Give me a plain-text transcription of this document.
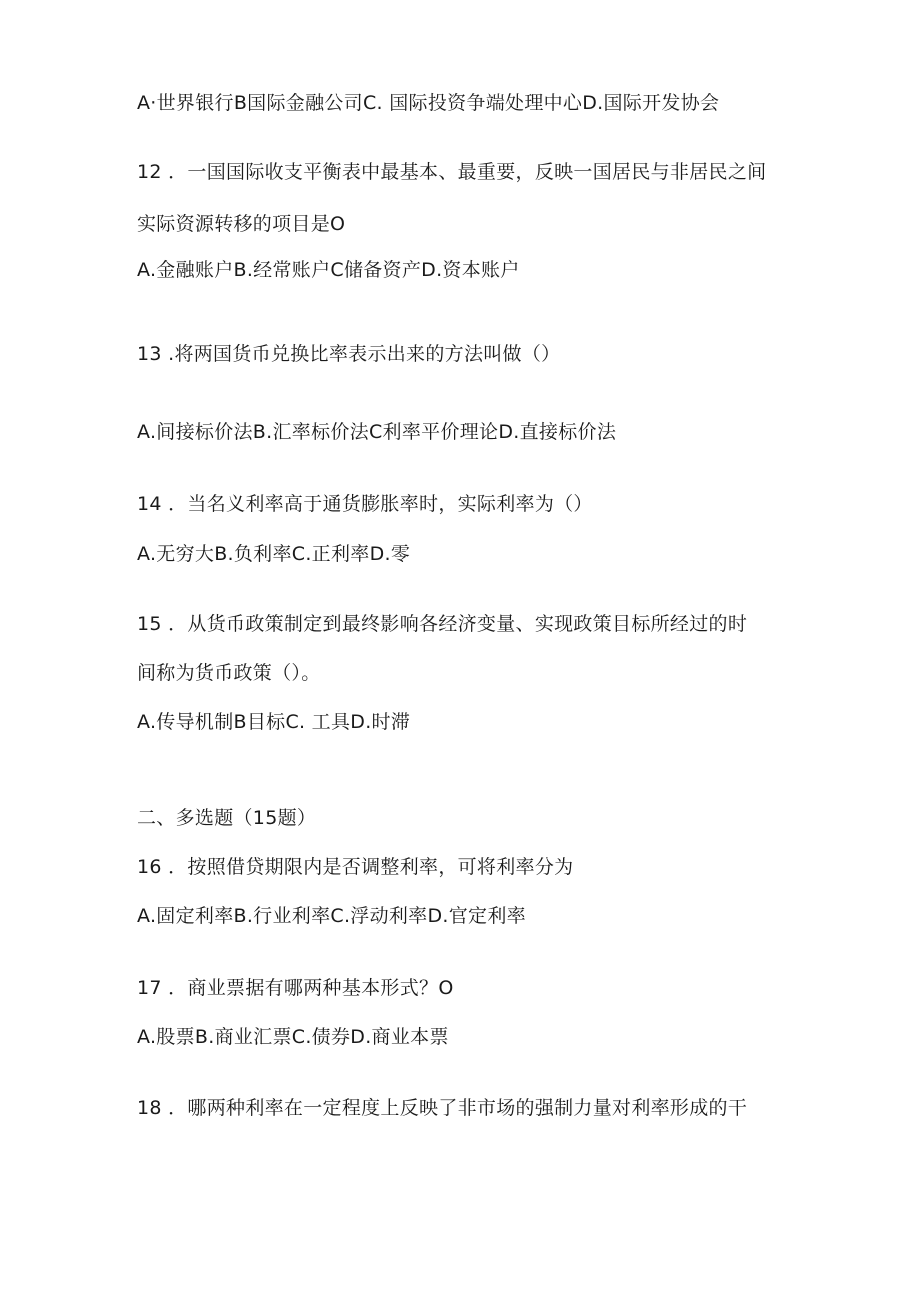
A·世界银行B国际金融公司C. 国际投资争端处理中心D.国际开发协会
12 ．一国国际收支平衡表中最基本、最重要，反映一国居民与非居民之间
实际资源转移的项目是O
A.金融账户B.经常账户C储备资产D.资本账户
13 .将两国货币兑换比率表示出来的方法叫做（）
A.间接标价法B.汇率标价法C利率平价理论D.直接标价法
14 ．当名义利率高于通货膨胀率时，实际利率为（）
A.无穷大B.负利率C.正利率D.零
15 ．从货币政策制定到最终影响各经济变量、实现政策目标所经过的时
间称为货币政策（）。
A.传导机制B目标C. 工具D.时滞
二、多选题（15题）
16 ．按照借贷期限内是否调整利率，可将利率分为
A.固定利率B.行业利率C.浮动利率D.官定利率
17 ．商业票据有哪两种基本形式？O
A.股票B.商业汇票C.债券D.商业本票
18 ．哪两种利率在一定程度上反映了非市场的强制力量对利率形成的干
